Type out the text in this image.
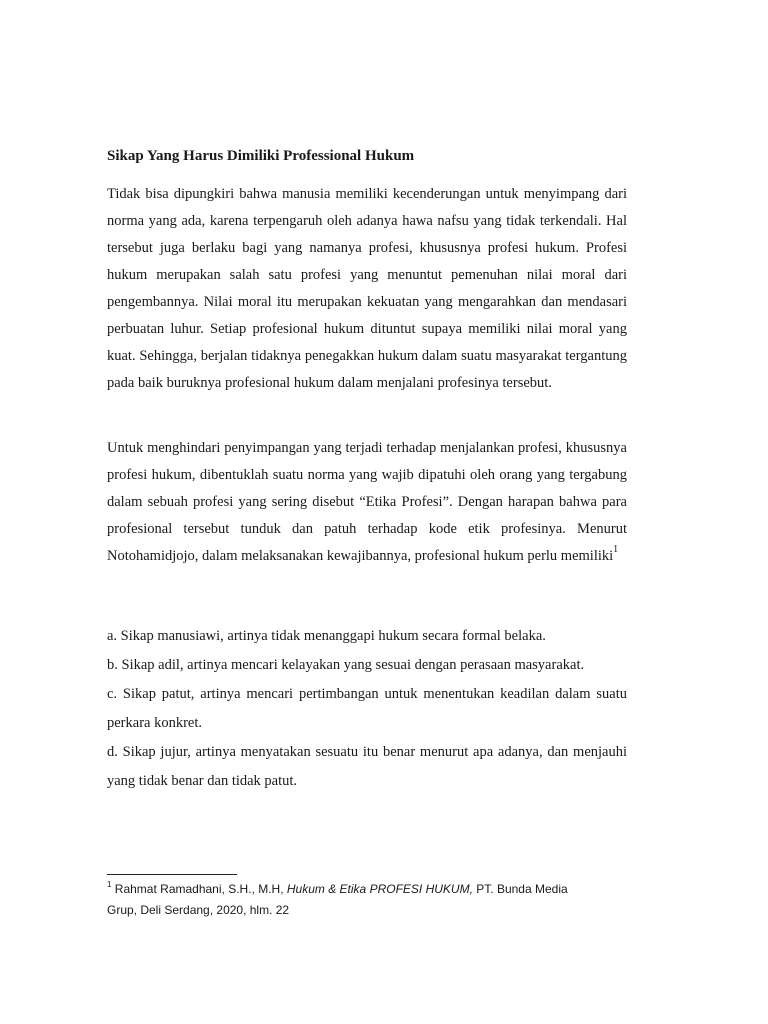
Sikap Yang Harus Dimiliki Professional Hukum

Tidak bisa dipungkiri bahwa manusia memiliki kecenderungan untuk menyimpang dari norma yang ada, karena terpengaruh oleh adanya hawa nafsu yang tidak terkendali. Hal tersebut juga berlaku bagi yang namanya profesi, khususnya profesi hukum. Profesi hukum merupakan salah satu profesi yang menuntut pemenuhan nilai moral dari pengembannya. Nilai moral itu merupakan kekuatan yang mengarahkan dan mendasari perbuatan luhur. Setiap profesional hukum dituntut supaya memiliki nilai moral yang kuat. Sehingga, berjalan tidaknya penegakkan hukum dalam suatu masyarakat tergantung pada baik buruknya profesional hukum dalam menjalani profesinya tersebut.

Untuk menghindari penyimpangan yang terjadi terhadap menjalankan profesi, khususnya profesi hukum, dibentuklah suatu norma yang wajib dipatuhi oleh orang yang tergabung dalam sebuah profesi yang sering disebut “Etika Profesi”. Dengan harapan bahwa para profesional tersebut tunduk dan patuh terhadap kode etik profesinya. Menurut Notohamidjojo, dalam melaksanakan kewajibannya, profesional hukum perlu memiliki$^1$

a. Sikap manusiawi, artinya tidak menanggapi hukum secara formal belaka.
b. Sikap adil, artinya mencari kelayakan yang sesuai dengan perasaan masyarakat.
c. Sikap patut, artinya mencari pertimbangan untuk menentukan keadilan dalam suatu perkara konkret.
d. Sikap jujur, artinya menyatakan sesuatu itu benar menurut apa adanya, dan menjauhi yang tidak benar dan tidak patut.

$^1$ Rahmat Ramadhani, S.H., M.H, Hukum & Etika PROFESI HUKUM, PT. Bunda Media Grup, Deli Serdang, 2020, hlm. 22
